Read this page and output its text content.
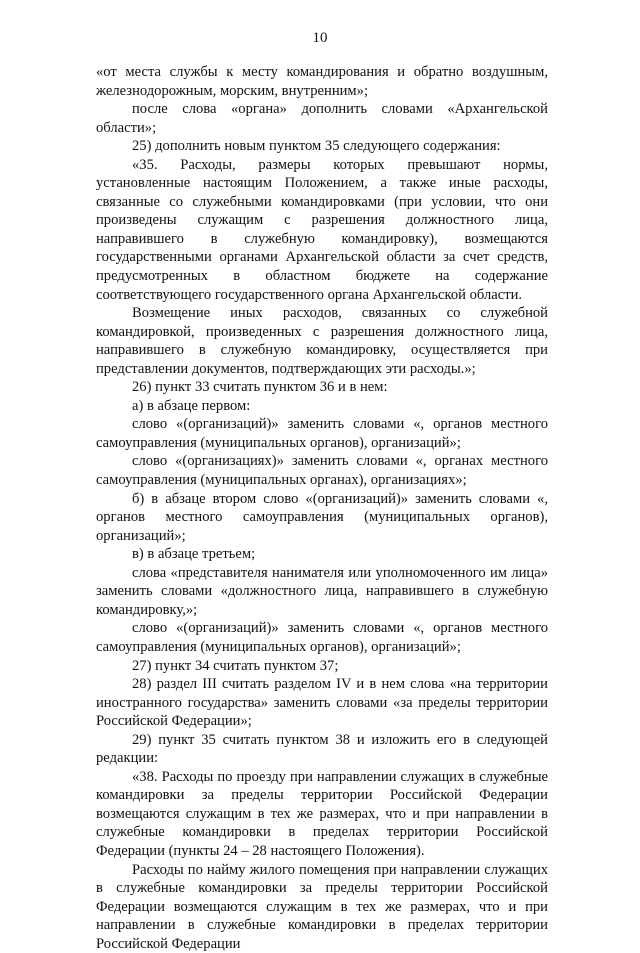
10

«от места службы к месту командирования и обратно воздушным, железнодорожным, морским, внутренним»;

после слова «органа» дополнить словами «Архангельской области»;

25) дополнить новым пунктом 35 следующего содержания:

«35. Расходы, размеры которых превышают нормы, установленные настоящим Положением, а также иные расходы, связанные со служебными командировками (при условии, что они произведены служащим с разрешения должностного лица, направившего в служебную командировку), возмещаются государственными органами Архангельской области за счет средств, предусмотренных в областном бюджете на содержание соответствующего государственного органа Архангельской области.

Возмещение иных расходов, связанных со служебной командировкой, произведенных с разрешения должностного лица, направившего в служебную командировку, осуществляется при представлении документов, подтверждающих эти расходы.»;

26) пункт 33 считать пунктом 36 и в нем:

а) в абзаце первом:

слово «(организаций)» заменить словами «, органов местного самоуправления (муниципальных органов), организаций»;

слово «(организациях)» заменить словами «, органах местного самоуправления (муниципальных органах), организациях»;

б) в абзаце втором слово «(организаций)» заменить словами «, органов местного самоуправления (муниципальных органов), организаций»;

в) в абзаце третьем;

слова «представителя нанимателя или уполномоченного им лица» заменить словами «должностного лица, направившего в служебную командировку,»;

слово «(организаций)» заменить словами «, органов местного самоуправления (муниципальных органов), организаций»;

27) пункт 34 считать пунктом 37;

28) раздел III считать разделом IV и в нем слова «на территории иностранного государства» заменить словами «за пределы территории Российской Федерации»;

29) пункт 35 считать пунктом 38 и изложить его в следующей редакции:

«38. Расходы по проезду при направлении служащих в служебные командировки за пределы территории Российской Федерации возмещаются служащим в тех же размерах, что и при направлении в служебные командировки в пределах территории Российской Федерации (пункты 24 – 28 настоящего Положения).

Расходы по найму жилого помещения при направлении служащих в служебные командировки за пределы территории Российской Федерации возмещаются служащим в тех же размерах, что и при направлении в служебные командировки в пределах территории Российской Федерации
